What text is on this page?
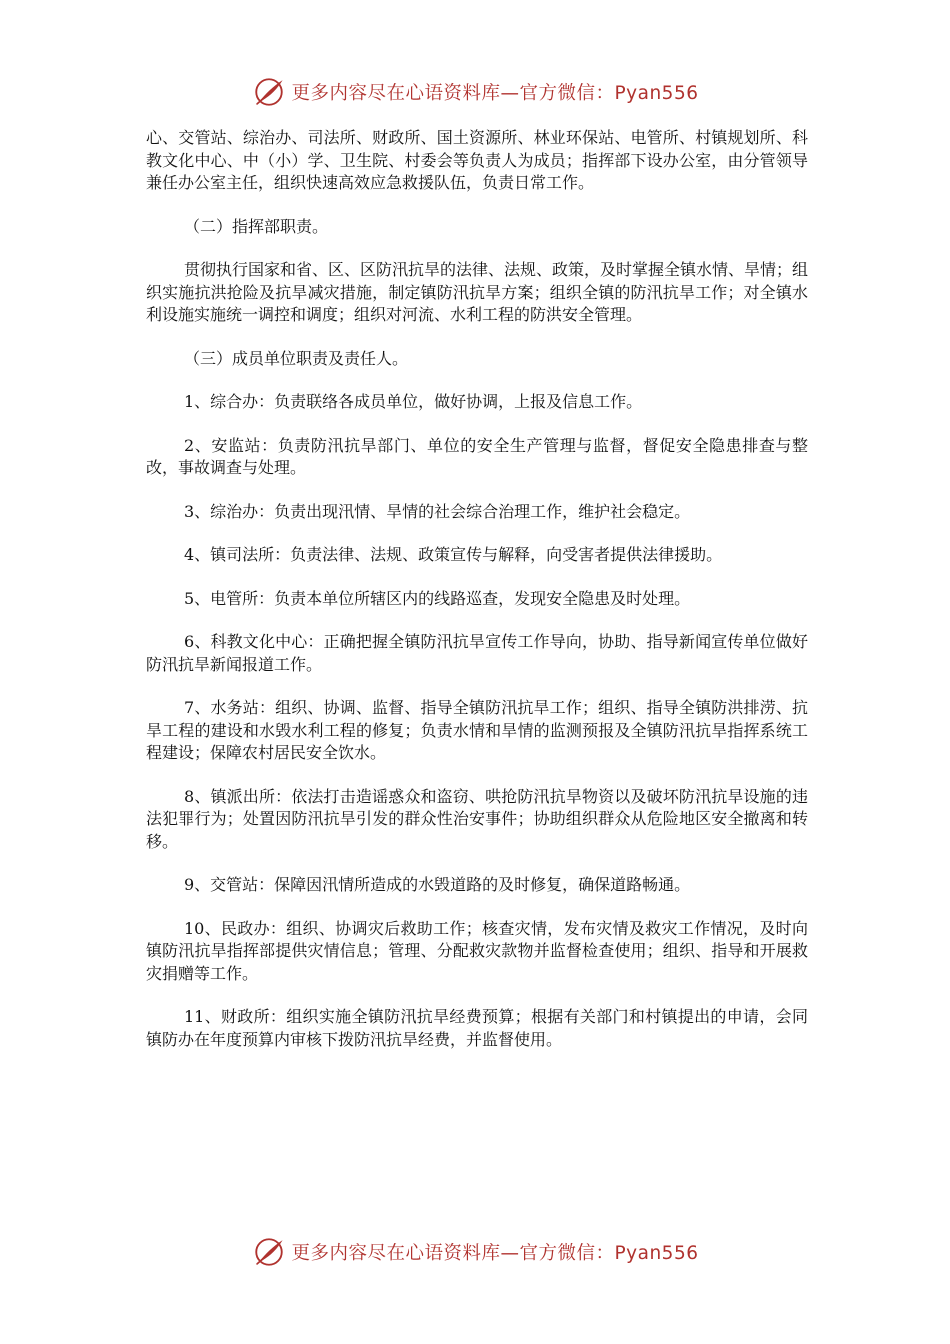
更多内容尽在心语资料库—官方微信：Pyan556

心、交管站、综治办、司法所、财政所、国土资源所、林业环保站、电管所、村镇规划所、科教文化中心、中（小）学、卫生院、村委会等负责人为成员；指挥部下设办公室，由分管领导兼任办公室主任，组织快速高效应急救援队伍，负责日常工作。

（二）指挥部职责。

贯彻执行国家和省、区、区防汛抗旱的法律、法规、政策，及时掌握全镇水情、旱情；组织实施抗洪抢险及抗旱减灾措施，制定镇防汛抗旱方案；组织全镇的防汛抗旱工作；对全镇水利设施实施统一调控和调度；组织对河流、水利工程的防洪安全管理。

（三）成员单位职责及责任人。

1、综合办：负责联络各成员单位，做好协调，上报及信息工作。

2、安监站：负责防汛抗旱部门、单位的安全生产管理与监督，督促安全隐患排查与整改，事故调查与处理。

3、综治办：负责出现汛情、旱情的社会综合治理工作，维护社会稳定。

4、镇司法所：负责法律、法规、政策宣传与解释，向受害者提供法律援助。

5、电管所：负责本单位所辖区内的线路巡查，发现安全隐患及时处理。

6、科教文化中心：正确把握全镇防汛抗旱宣传工作导向，协助、指导新闻宣传单位做好防汛抗旱新闻报道工作。

7、水务站：组织、协调、监督、指导全镇防汛抗旱工作；组织、指导全镇防洪排涝、抗旱工程的建设和水毁水利工程的修复；负责水情和旱情的监测预报及全镇防汛抗旱指挥系统工程建设；保障农村居民安全饮水。

8、镇派出所：依法打击造谣惑众和盗窃、哄抢防汛抗旱物资以及破坏防汛抗旱设施的违法犯罪行为；处置因防汛抗旱引发的群众性治安事件；协助组织群众从危险地区安全撤离和转移。

9、交管站：保障因汛情所造成的水毁道路的及时修复，确保道路畅通。

10、民政办：组织、协调灾后救助工作；核查灾情，发布灾情及救灾工作情况，及时向镇防汛抗旱指挥部提供灾情信息；管理、分配救灾款物并监督检查使用；组织、指导和开展救灾捐赠等工作。

11、财政所：组织实施全镇防汛抗旱经费预算；根据有关部门和村镇提出的申请，会同镇防办在年度预算内审核下拨防汛抗旱经费，并监督使用。

更多内容尽在心语资料库—官方微信：Pyan556
